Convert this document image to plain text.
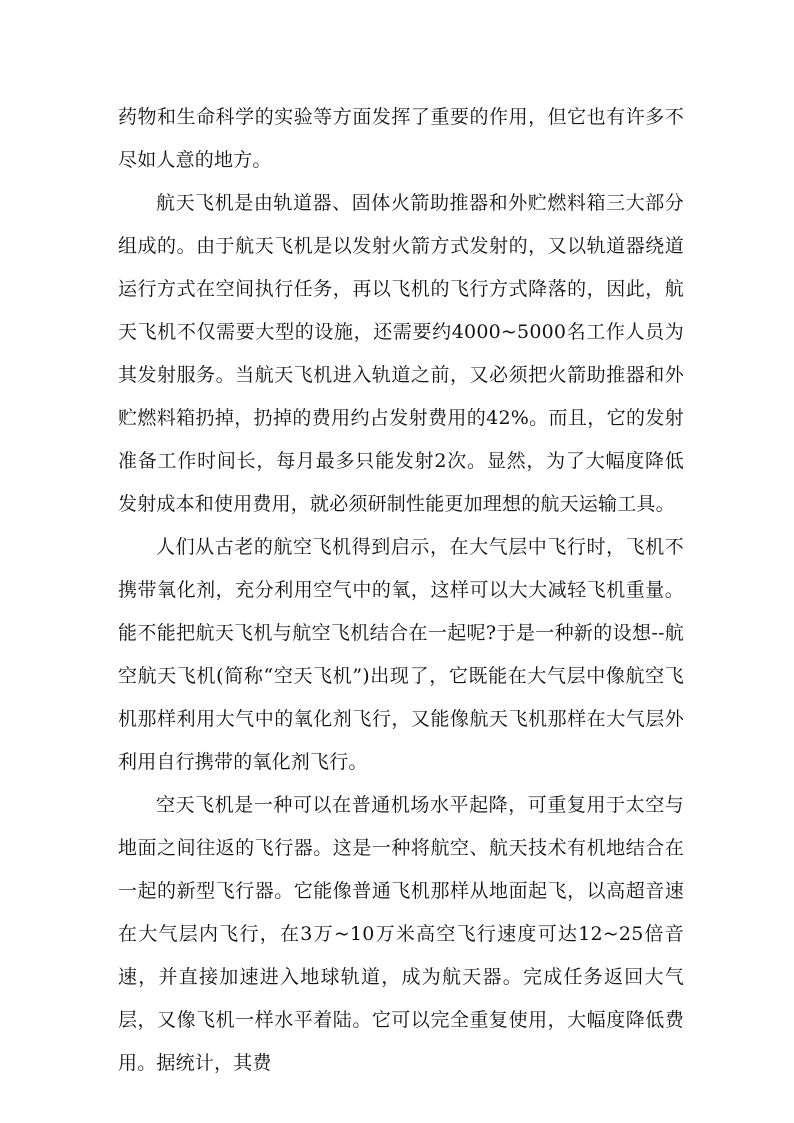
药物和生命科学的实验等方面发挥了重要的作用，但它也有许多不尽如人意的地方。

航天飞机是由轨道器、固体火箭助推器和外贮燃料箱三大部分组成的。由于航天飞机是以发射火箭方式发射的，又以轨道器绕道运行方式在空间执行任务，再以飞机的飞行方式降落的，因此，航天飞机不仅需要大型的设施，还需要约4000~5000名工作人员为其发射服务。当航天飞机进入轨道之前，又必须把火箭助推器和外贮燃料箱扔掉，扔掉的费用约占发射费用的42%。而且，它的发射准备工作时间长，每月最多只能发射2次。显然，为了大幅度降低发射成本和使用费用，就必须研制性能更加理想的航天运输工具。

人们从古老的航空飞机得到启示，在大气层中飞行时，飞机不携带氧化剂，充分利用空气中的氧，这样可以大大减轻飞机重量。能不能把航天飞机与航空飞机结合在一起呢?于是一种新的设想--航空航天飞机(简称“空天飞机”)出现了，它既能在大气层中像航空飞机那样利用大气中的氧化剂飞行，又能像航天飞机那样在大气层外利用自行携带的氧化剂飞行。

空天飞机是一种可以在普通机场水平起降，可重复用于太空与地面之间往返的飞行器。这是一种将航空、航天技术有机地结合在一起的新型飞行器。它能像普通飞机那样从地面起飞，以高超音速在大气层内飞行，在3万~10万米高空飞行速度可达12~25倍音速，并直接加速进入地球轨道，成为航天器。完成任务返回大气层，又像飞机一样水平着陆。它可以完全重复使用，大幅度降低费用。据统计，其费
